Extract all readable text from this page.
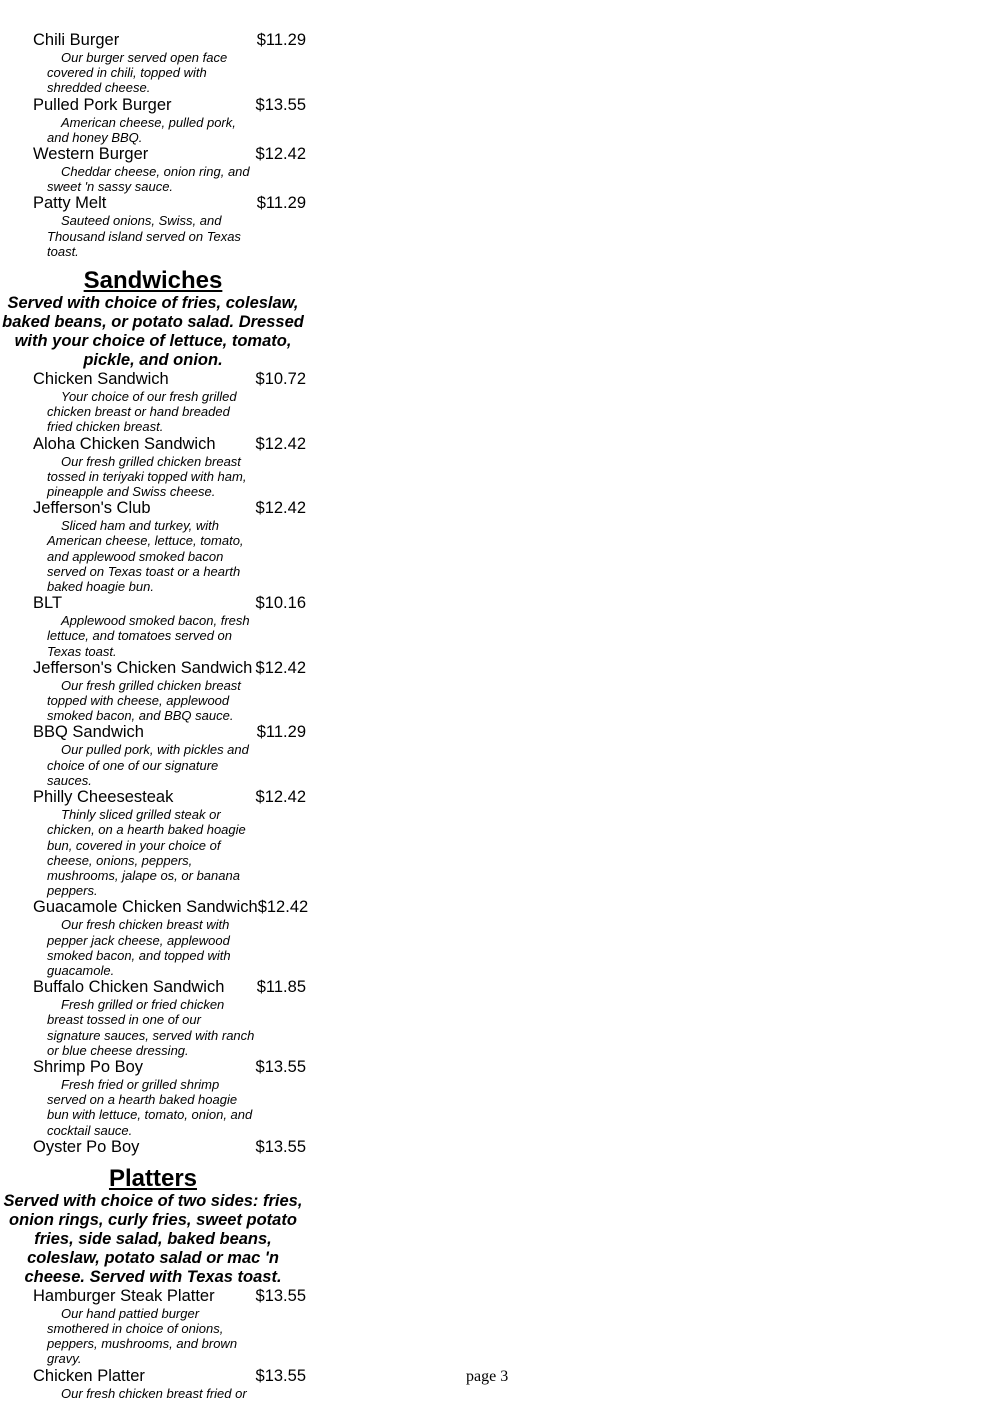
Chili Burger	$11.29
Our burger served open face covered in chili, topped with shredded cheese.
Pulled Pork Burger	$13.55
American cheese, pulled pork, and honey BBQ.
Western Burger	$12.42
Cheddar cheese, onion ring, and sweet 'n sassy sauce.
Patty Melt	$11.29
Sauteed onions, Swiss, and Thousand island served on Texas toast.
Sandwiches
Served with choice of fries, coleslaw, baked beans, or potato salad. Dressed with your choice of lettuce, tomato, pickle, and onion.
Chicken Sandwich	$10.72
Your choice of our fresh grilled chicken breast or hand breaded fried chicken breast.
Aloha Chicken Sandwich $12.42
Our fresh grilled chicken breast tossed in teriyaki topped with ham, pineapple and Swiss cheese.
Jefferson's Club	$12.42
Sliced ham and turkey, with American cheese, lettuce, tomato, and applewood smoked bacon served on Texas toast or a hearth baked hoagie bun.
BLT	$10.16
Applewood smoked bacon, fresh lettuce, and tomatoes served on Texas toast.
Jefferson's Chicken Sandwich $12.42
Our fresh grilled chicken breast topped with cheese, applewood smoked bacon, and BBQ sauce.
BBQ Sandwich	$11.29
Our pulled pork, with pickles and choice of one of our signature sauces.
Philly Cheesesteak	$12.42
Thinly sliced grilled steak or chicken, on a hearth baked hoagie bun, covered in your choice of cheese, onions, peppers, mushrooms, jalape os, or banana peppers.
Guacamole Chicken Sandwich $12.42
Our fresh chicken breast with pepper jack cheese, applewood smoked bacon, and topped with guacamole.
Buffalo Chicken Sandwich $11.85
Fresh grilled or fried chicken breast tossed in one of our signature sauces, served with ranch or blue cheese dressing.
Shrimp Po Boy	$13.55
Fresh fried or grilled shrimp served on a hearth baked hoagie bun with lettuce, tomato, onion, and cocktail sauce.
Oyster Po Boy	$13.55
Platters
Served with choice of two sides: fries, onion rings, curly fries, sweet potato fries, side salad, baked beans, coleslaw, potato salad or mac 'n cheese. Served with Texas toast.
Hamburger Steak Platter $13.55
Our hand pattied burger smothered in choice of onions, peppers, mushrooms, and brown gravy.
Chicken Platter	$13.55
Our fresh chicken breast fried or
page 3
